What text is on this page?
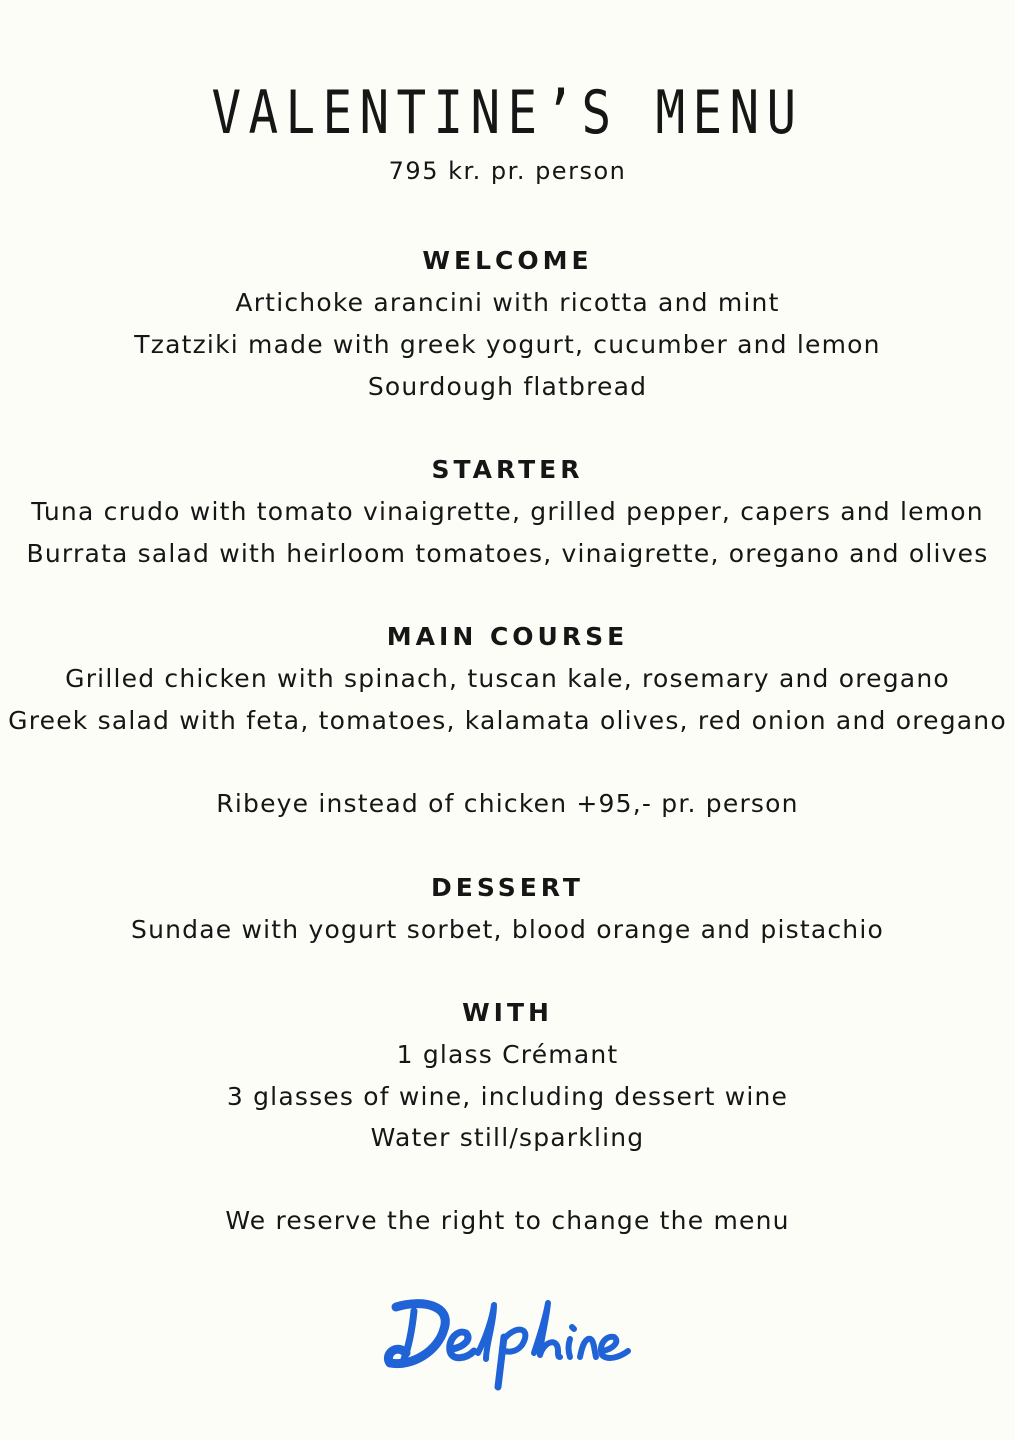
VALENTINE’S MENU
795 kr. pr. person
WELCOME
Artichoke arancini with ricotta and mint
Tzatziki made with greek yogurt, cucumber and lemon
Sourdough flatbread
STARTER
Tuna crudo with tomato vinaigrette, grilled pepper, capers and lemon
Burrata salad with heirloom tomatoes, vinaigrette, oregano and olives
MAIN COURSE
Grilled chicken with spinach, tuscan kale, rosemary and oregano
Greek salad with feta, tomatoes, kalamata olives, red onion and oregano
Ribeye instead of chicken +95,- pr. person
DESSERT
Sundae with yogurt sorbet, blood orange and pistachio
WITH
1 glass Crémant
3 glasses of wine, including dessert wine
Water still/sparkling
We reserve the right to change the menu
